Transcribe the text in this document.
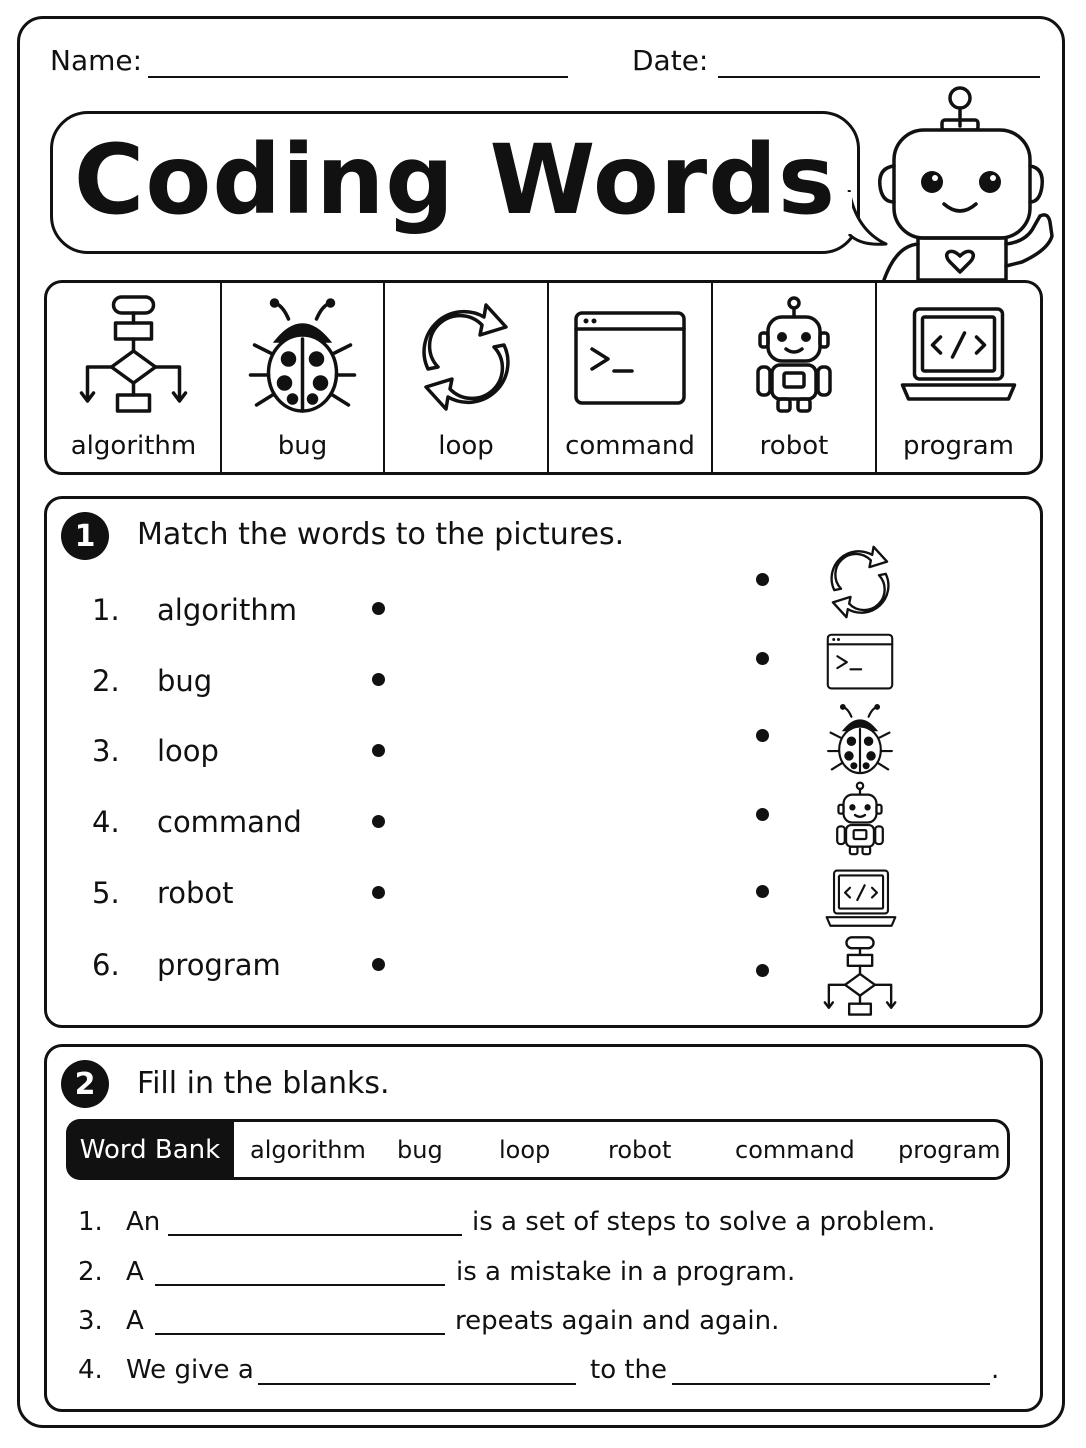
Name:	Date:
Coding Words
algorithm	bug	loop	command	robot	program
1	Match the words to the pictures.
1. algorithm
2. bug
3. loop
4. command
5. robot
6. program
2	Fill in the blanks.
Word Bank	algorithm bug loop robot	command program
1. An	is a set of steps to solve a problem.
2. A	is a mistake in a program.
3. A	repeats again and again.
4. We give a	to the	.
